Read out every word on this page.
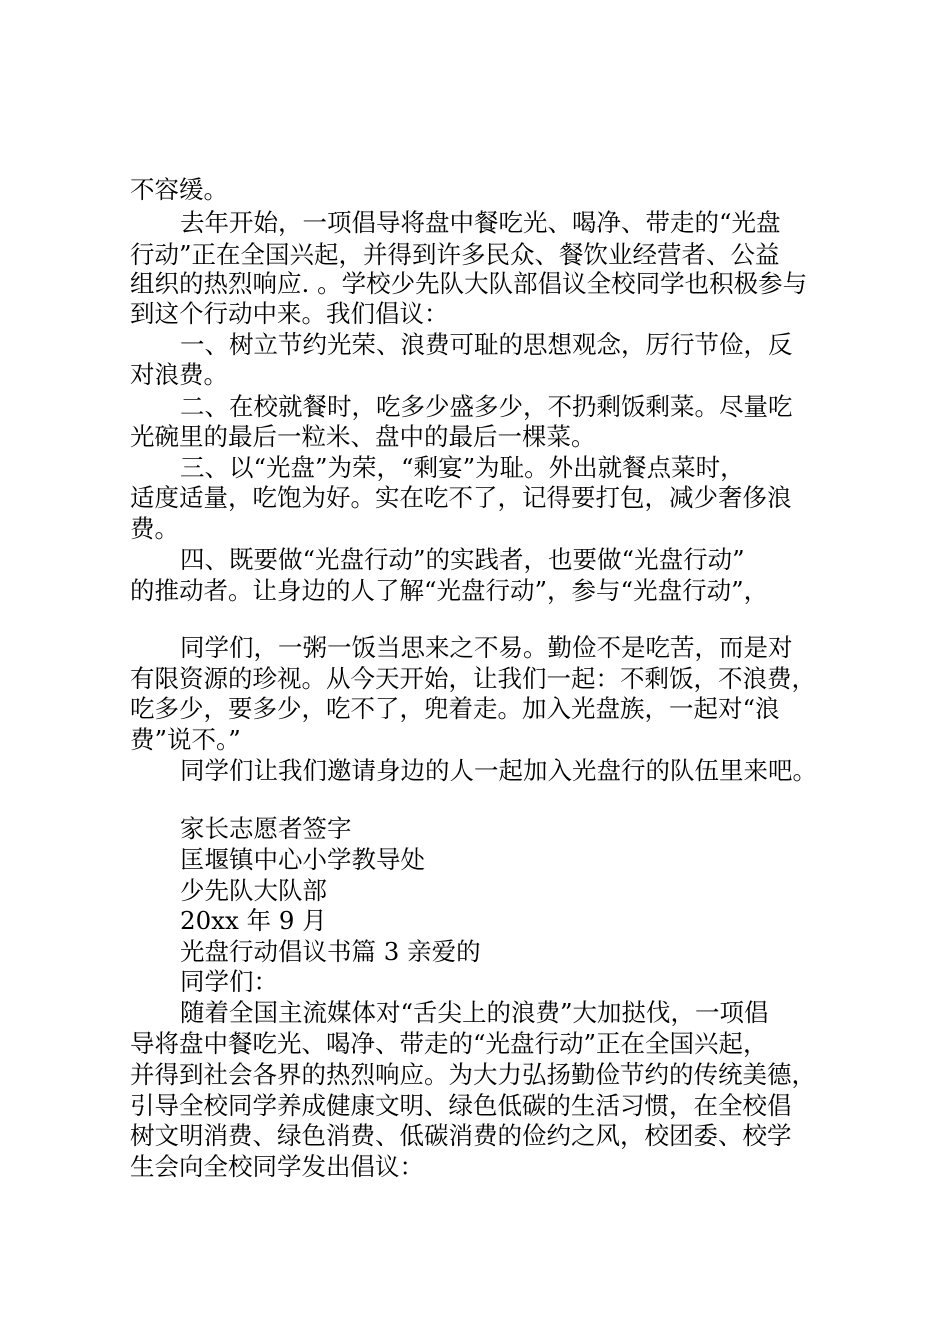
不容缓。
去年开始，一项倡导将盘中餐吃光、喝净、带走的“光盘
行动”正在全国兴起，并得到许多民众、餐饮业经营者、公益
组织的热烈响应. 。学校少先队大队部倡议全校同学也积极参与
到这个行动中来。我们倡议：
一、树立节约光荣、浪费可耻的思想观念，厉行节俭，反
对浪费。
二、在校就餐时，吃多少盛多少，不扔剩饭剩菜。尽量吃
光碗里的最后一粒米、盘中的最后一棵菜。
三、以“光盘”为荣，“剩宴”为耻。外出就餐点菜时，
适度适量，吃饱为好。实在吃不了，记得要打包，减少奢侈浪
费。
四、既要做“光盘行动”的实践者，也要做“光盘行动”
的推动者。让身边的人了解“光盘行动”，参与“光盘行动”，
同学们，一粥一饭当思来之不易。勤俭不是吃苦，而是对
有限资源的珍视。从今天开始，让我们一起：不剩饭，不浪费，
吃多少，要多少，吃不了，兜着走。加入光盘族，一起对“浪
费”说不。”
同学们让我们邀请身边的人一起加入光盘行的队伍里来吧。
家长志愿者签字
匡堰镇中心小学教导处
少先队大队部
20xx 年 9 月
光盘行动倡议书篇 3 亲爱的
同学们：
随着全国主流媒体对“舌尖上的浪费”大加挞伐，一项倡
导将盘中餐吃光、喝净、带走的“光盘行动”正在全国兴起，
并得到社会各界的热烈响应。为大力弘扬勤俭节约的传统美德，
引导全校同学养成健康文明、绿色低碳的生活习惯，在全校倡
树文明消费、绿色消费、低碳消费的俭约之风，校团委、校学
生会向全校同学发出倡议：
